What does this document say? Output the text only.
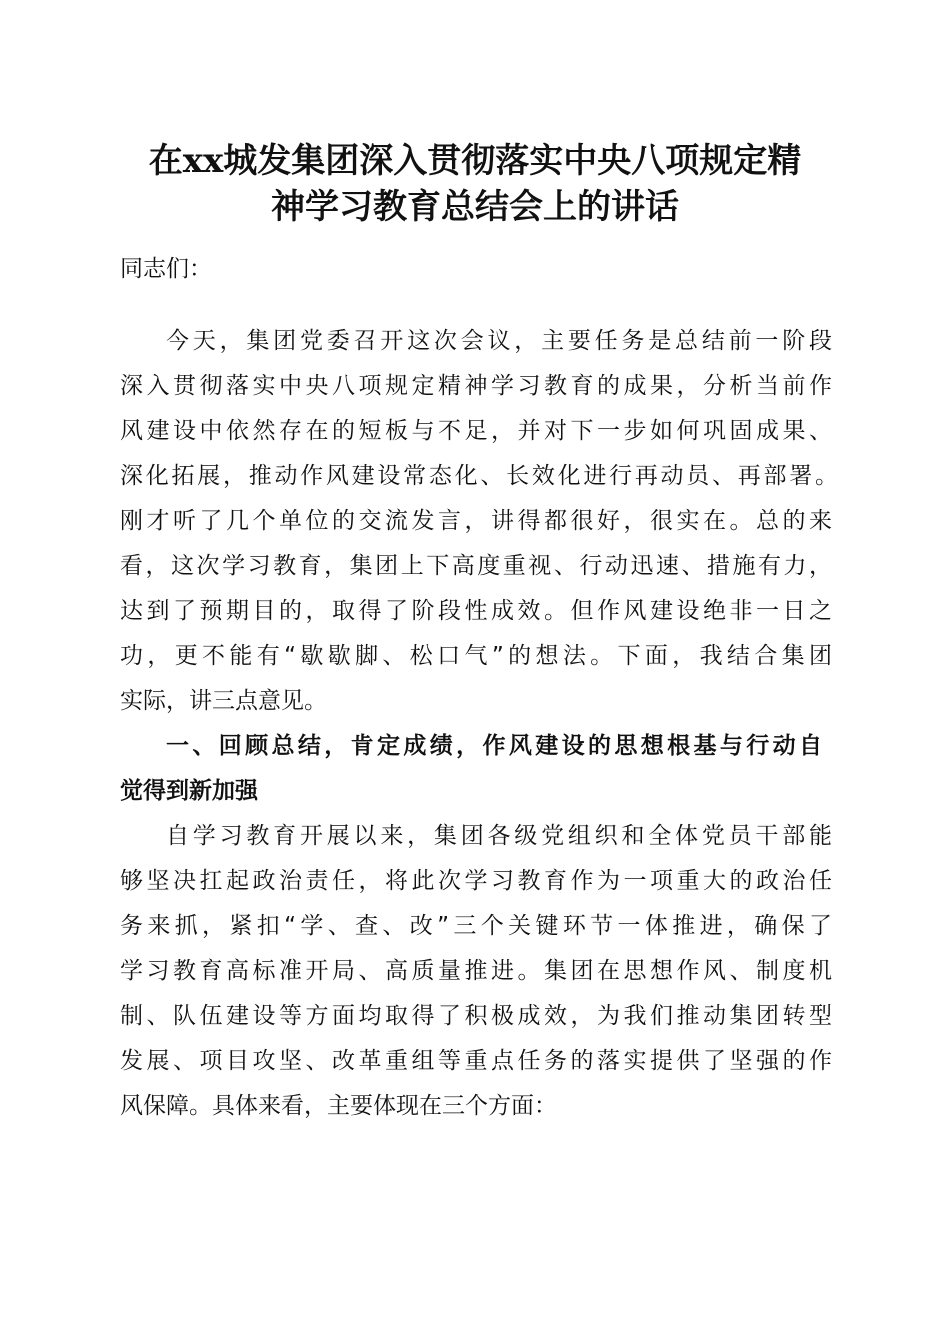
在xx城发集团深入贯彻落实中央八项规定精
神学习教育总结会上的讲话
同志们：
今天，集团党委召开这次会议，主要任务是总结前一阶段
深入贯彻落实中央八项规定精神学习教育的成果，分析当前作
风建设中依然存在的短板与不足，并对下一步如何巩固成果、
深化拓展，推动作风建设常态化、长效化进行再动员、再部署。
刚才听了几个单位的交流发言，讲得都很好，很实在。总的来
看，这次学习教育，集团上下高度重视、行动迅速、措施有力，
达到了预期目的，取得了阶段性成效。但作风建设绝非一日之
功，更不能有“歇歇脚、松口气”的想法。下面，我结合集团
实际，讲三点意见。
一、回顾总结，肯定成绩，作风建设的思想根基与行动自
觉得到新加强
自学习教育开展以来，集团各级党组织和全体党员干部能
够坚决扛起政治责任，将此次学习教育作为一项重大的政治任
务来抓，紧扣“学、查、改”三个关键环节一体推进，确保了
学习教育高标准开局、高质量推进。集团在思想作风、制度机
制、队伍建设等方面均取得了积极成效，为我们推动集团转型
发展、项目攻坚、改革重组等重点任务的落实提供了坚强的作
风保障。具体来看，主要体现在三个方面：
